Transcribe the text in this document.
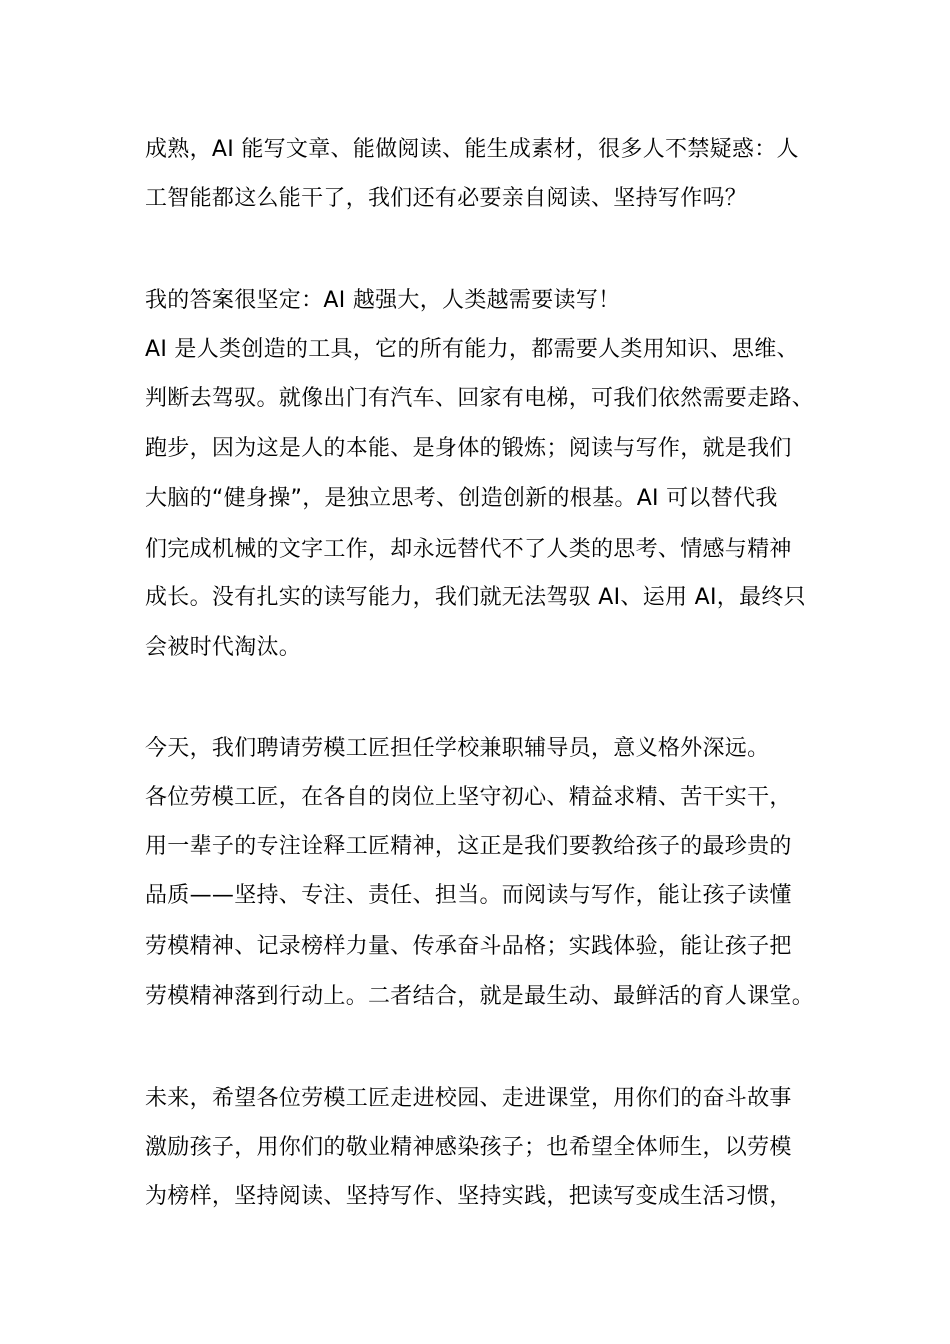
成熟，AI 能写文章、能做阅读、能生成素材，很多人不禁疑惑：人
工智能都这么能干了，我们还有必要亲自阅读、坚持写作吗？
我的答案很坚定：AI 越强大，人类越需要读写！
AI 是人类创造的工具，它的所有能力，都需要人类用知识、思维、
判断去驾驭。就像出门有汽车、回家有电梯，可我们依然需要走路、
跑步，因为这是人的本能、是身体的锻炼；阅读与写作，就是我们
大脑的“健身操”，是独立思考、创造创新的根基。AI 可以替代我
们完成机械的文字工作，却永远替代不了人类的思考、情感与精神
成长。没有扎实的读写能力，我们就无法驾驭 AI、运用 AI，最终只
会被时代淘汰。
今天，我们聘请劳模工匠担任学校兼职辅导员，意义格外深远。
各位劳模工匠，在各自的岗位上坚守初心、精益求精、苦干实干，
用一辈子的专注诠释工匠精神，这正是我们要教给孩子的最珍贵的
品质——坚持、专注、责任、担当。而阅读与写作，能让孩子读懂
劳模精神、记录榜样力量、传承奋斗品格；实践体验，能让孩子把
劳模精神落到行动上。二者结合，就是最生动、最鲜活的育人课堂。
未来，希望各位劳模工匠走进校园、走进课堂，用你们的奋斗故事
激励孩子，用你们的敬业精神感染孩子；也希望全体师生，以劳模
为榜样，坚持阅读、坚持写作、坚持实践，把读写变成生活习惯，
